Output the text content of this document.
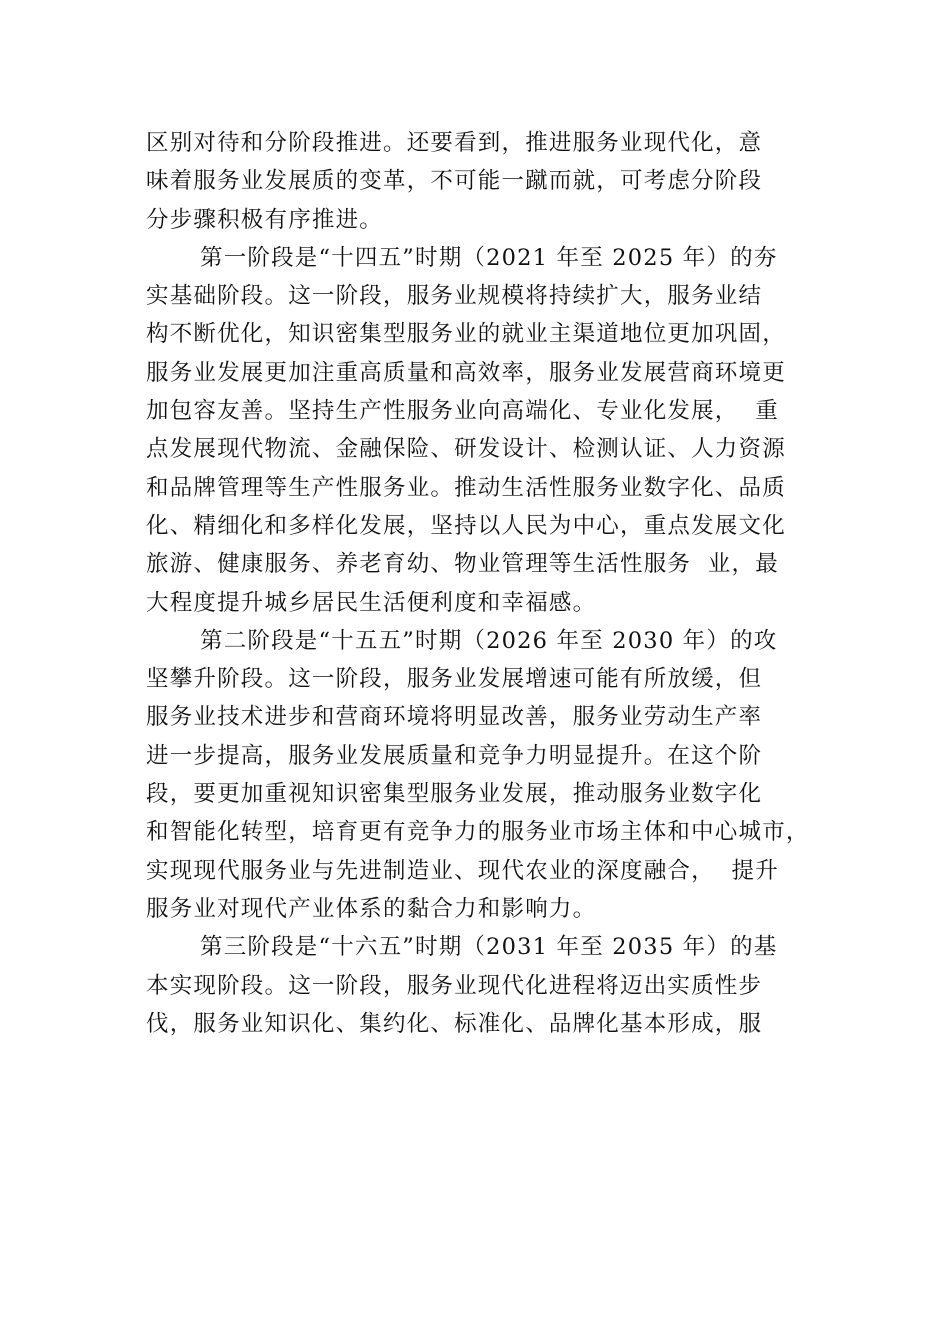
区别对待和分阶段推进。还要看到，推进服务业现代化，意
味着服务业发展质的变革，不可能一蹴而就，可考虑分阶段
分步骤积极有序推进。
第一阶段是“十四五”时期（2021 年至 2025 年）的夯
实基础阶段。这一阶段，服务业规模将持续扩大，服务业结
构不断优化，知识密集型服务业的就业主渠道地位更加巩固，
服务业发展更加注重高质量和高效率，服务业发展营商环境更
加包容友善。坚持生产性服务业向高端化、专业化发展，  重
点发展现代物流、金融保险、研发设计、检测认证、人力资源
和品牌管理等生产性服务业。推动生活性服务业数字化、品质
化、精细化和多样化发展，坚持以人民为中心，重点发展文化
旅游、健康服务、养老育幼、物业管理等生活性服务  业，最
大程度提升城乡居民生活便利度和幸福感。
第二阶段是“十五五”时期（2026 年至 2030 年）的攻
坚攀升阶段。这一阶段，服务业发展增速可能有所放缓，但
服务业技术进步和营商环境将明显改善，服务业劳动生产率
进一步提高，服务业发展质量和竞争力明显提升。在这个阶
段，要更加重视知识密集型服务业发展，推动服务业数字化
和智能化转型，培育更有竞争力的服务业市场主体和中心城市，
实现现代服务业与先进制造业、现代农业的深度融合，  提升
服务业对现代产业体系的黏合力和影响力。
第三阶段是“十六五”时期（2031 年至 2035 年）的基
本实现阶段。这一阶段，服务业现代化进程将迈出实质性步
伐，服务业知识化、集约化、标准化、品牌化基本形成，服
